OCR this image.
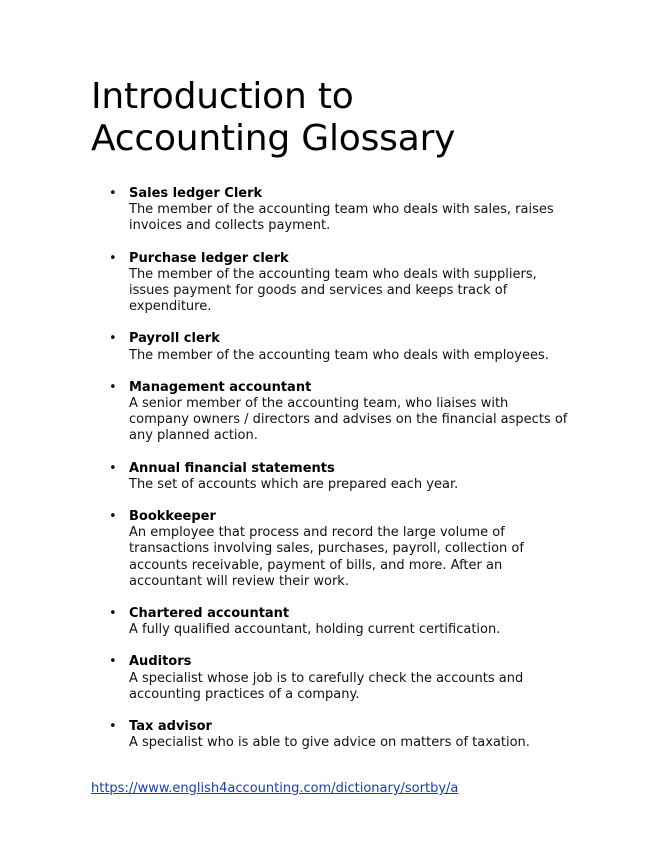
Introduction to
Accounting Glossary
• Sales ledger Clerk
The member of the accounting team who deals with sales, raises invoices and collects payment.
• Purchase ledger clerk
The member of the accounting team who deals with suppliers, issues payment for goods and services and keeps track of expenditure.
• Payroll clerk
The member of the accounting team who deals with employees.
• Management accountant
A senior member of the accounting team, who liaises with company owners / directors and advises on the financial aspects of any planned action.
• Annual financial statements
The set of accounts which are prepared each year.
• Bookkeeper
An employee that process and record the large volume of transactions involving sales, purchases, payroll, collection of accounts receivable, payment of bills, and more. After an accountant will review their work.
• Chartered accountant
A fully qualified accountant, holding current certification.
• Auditors
A specialist whose job is to carefully check the accounts and accounting practices of a company.
• Tax advisor
A specialist who is able to give advice on matters of taxation.
https://www.english4accounting.com/dictionary/sortby/a
